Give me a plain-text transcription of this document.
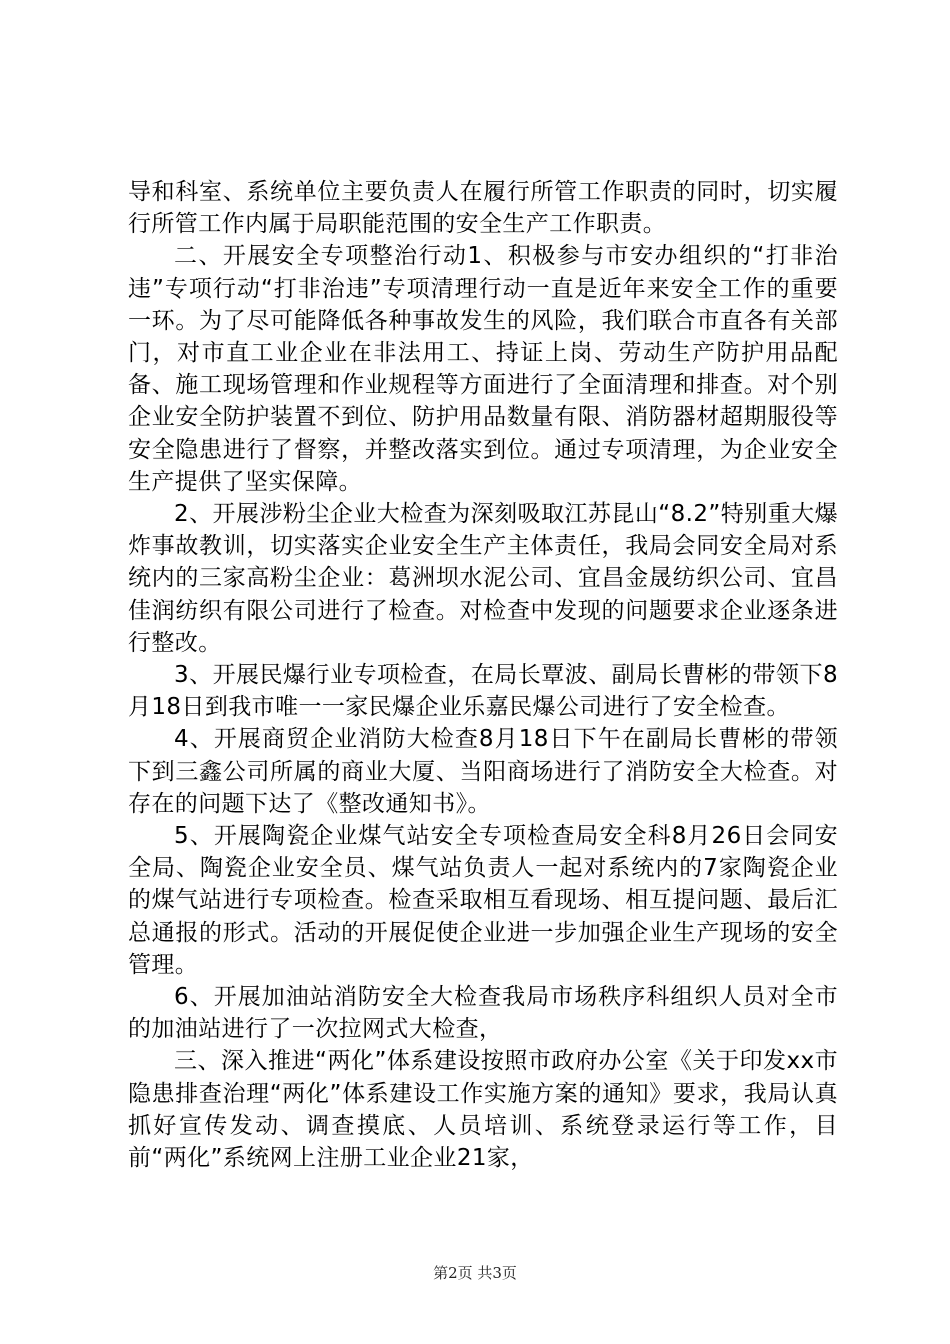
导和科室、系统单位主要负责人在履行所管工作职责的同时，切实履行所管工作内属于局职能范围的安全生产工作职责。

二、开展安全专项整治行动1、积极参与市安办组织的“打非治违”专项行动“打非治违”专项清理行动一直是近年来安全工作的重要一环。为了尽可能降低各种事故发生的风险，我们联合市直各有关部门，对市直工业企业在非法用工、持证上岗、劳动生产防护用品配备、施工现场管理和作业规程等方面进行了全面清理和排查。对个别企业安全防护装置不到位、防护用品数量有限、消防器材超期服役等安全隐患进行了督察，并整改落实到位。通过专项清理，为企业安全生产提供了坚实保障。

2、开展涉粉尘企业大检查为深刻吸取江苏昆山“8.2”特别重大爆炸事故教训，切实落实企业安全生产主体责任，我局会同安全局对系统内的三家高粉尘企业：葛洲坝水泥公司、宜昌金晟纺织公司、宜昌佳润纺织有限公司进行了检查。对检查中发现的问题要求企业逐条进行整改。

3、开展民爆行业专项检查，在局长覃波、副局长曹彬的带领下8月18日到我市唯一一家民爆企业乐嘉民爆公司进行了安全检查。

4、开展商贸企业消防大检查8月18日下午在副局长曹彬的带领下到三鑫公司所属的商业大厦、当阳商场进行了消防安全大检查。对存在的问题下达了《整改通知书》。

5、开展陶瓷企业煤气站安全专项检查局安全科8月26日会同安全局、陶瓷企业安全员、煤气站负责人一起对系统内的7家陶瓷企业的煤气站进行专项检查。检查采取相互看现场、相互提问题、最后汇总通报的形式。活动的开展促使企业进一步加强企业生产现场的安全管理。

6、开展加油站消防安全大检查我局市场秩序科组织人员对全市的加油站进行了一次拉网式大检查，

三、深入推进“两化”体系建设按照市政府办公室《关于印发xx市隐患排查治理“两化”体系建设工作实施方案的通知》要求，我局认真抓好宣传发动、调查摸底、人员培训、系统登录运行等工作，目前“两化”系统网上注册工业企业21家，

第2页 共3页
